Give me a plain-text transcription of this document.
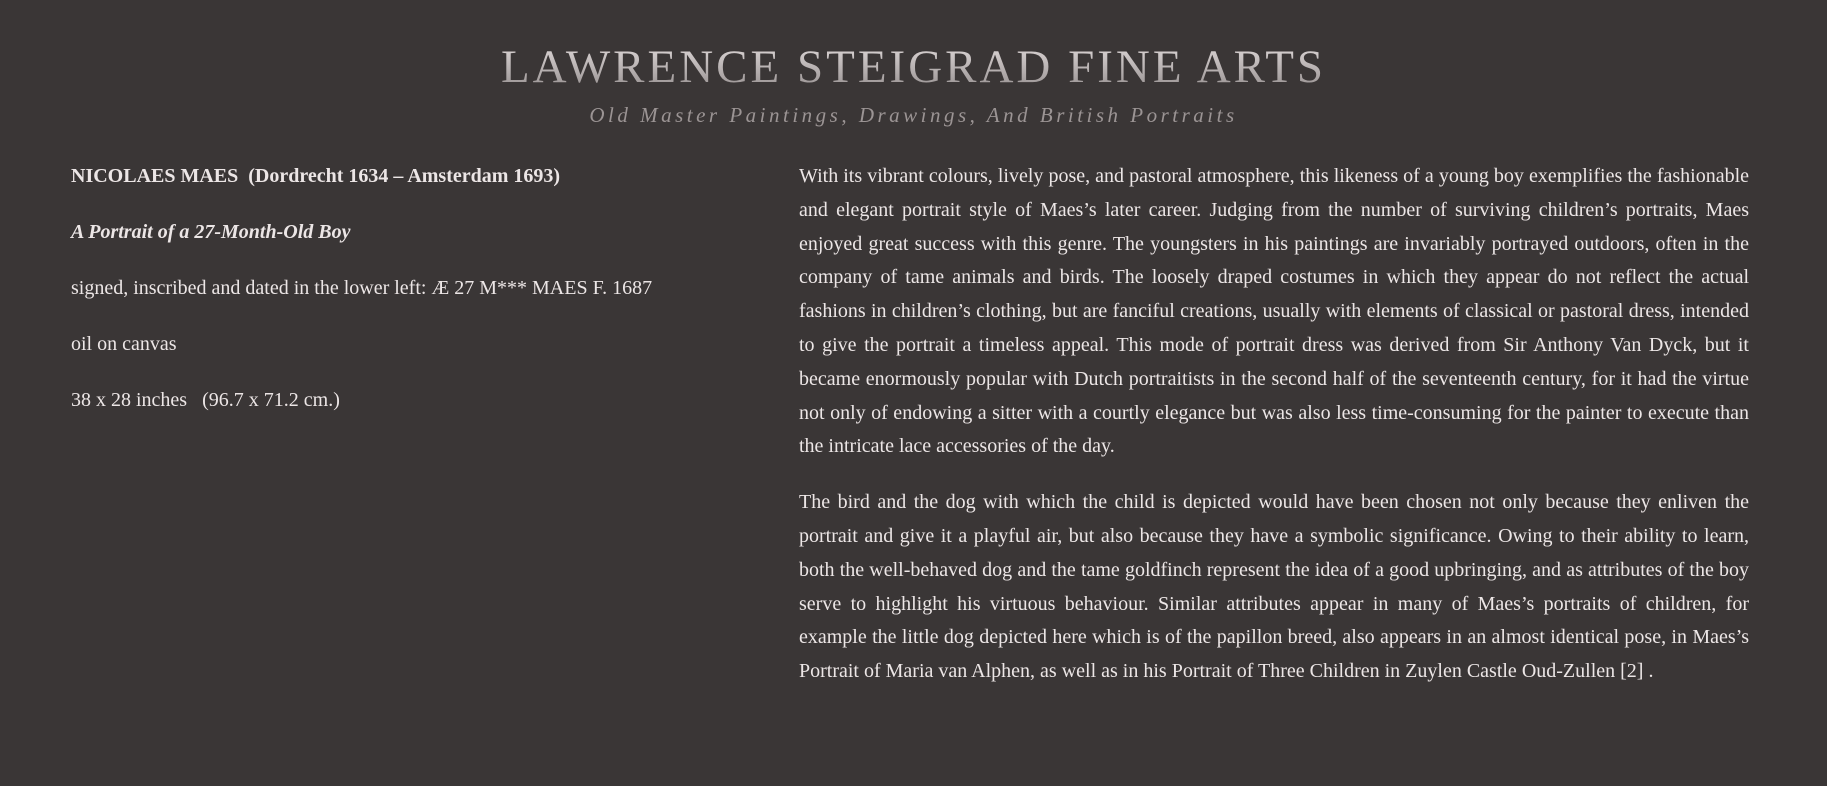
LAWRENCE STEIGRAD FINE ARTS
Old Master Paintings, Drawings, And British Portraits

NICOLAES MAES (Dordrecht 1634 – Amsterdam 1693)

A Portrait of a 27-Month-Old Boy

signed, inscribed and dated in the lower left: Æ 27 M*** MAES F. 1687

oil on canvas

38 x 28 inches   (96.7 x 71.2 cm.)

With its vibrant colours, lively pose, and pastoral atmosphere, this likeness of a young boy exemplifies the fashionable and elegant portrait style of Maes’s later career. Judging from the number of surviving children’s portraits, Maes enjoyed great success with this genre. The youngsters in his paintings are invariably portrayed outdoors, often in the company of tame animals and birds. The loosely draped costumes in which they appear do not reflect the actual fashions in children’s clothing, but are fanciful creations, usually with elements of classical or pastoral dress, intended to give the portrait a timeless appeal. This mode of portrait dress was derived from Sir Anthony Van Dyck, but it became enormously popular with Dutch portraitists in the second half of the seventeenth century, for it had the virtue not only of endowing a sitter with a courtly elegance but was also less time-consuming for the painter to execute than the intricate lace accessories of the day.

The bird and the dog with which the child is depicted would have been chosen not only because they enliven the portrait and give it a playful air, but also because they have a symbolic significance. Owing to their ability to learn, both the well-behaved dog and the tame goldfinch represent the idea of a good upbringing, and as attributes of the boy serve to highlight his virtuous behaviour. Similar attributes appear in many of Maes’s portraits of children, for example the little dog depicted here which is of the papillon breed, also appears in an almost identical pose, in Maes’s Portrait of Maria van Alphen, as well as in his Portrait of Three Children in Zuylen Castle Oud-Zullen [2] .
